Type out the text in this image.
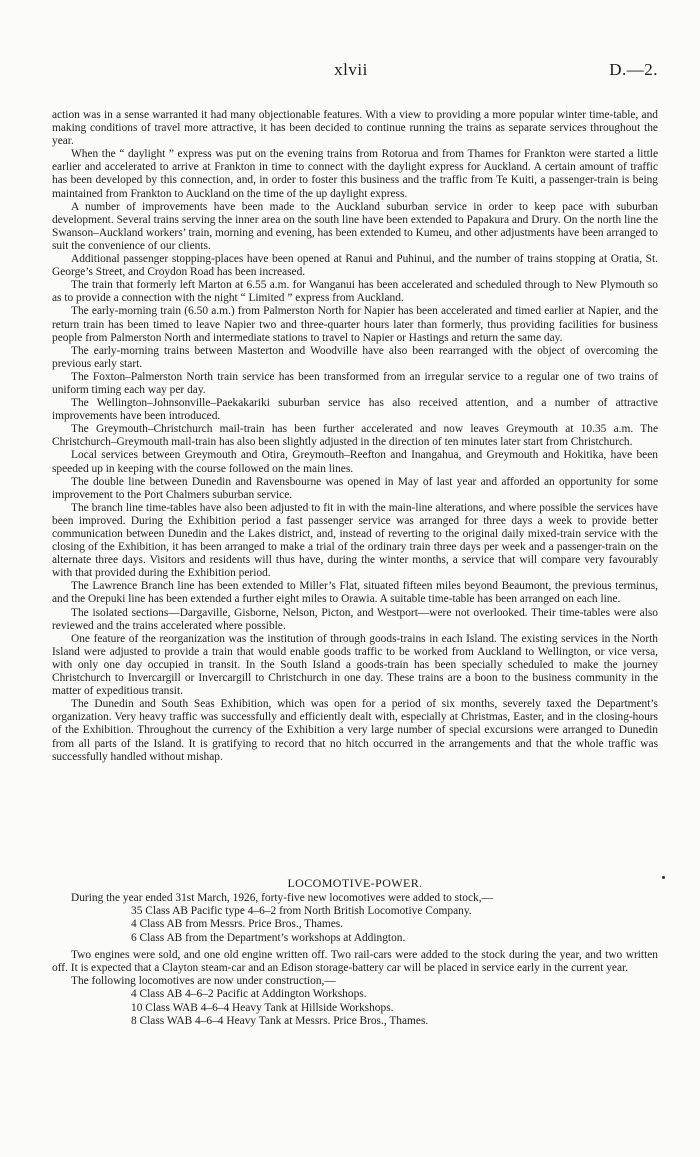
xlvii	D.—2.

action was in a sense warranted it had many objectionable features. With a view to providing a more popular winter time-table, and making conditions of travel more attractive, it has been decided to continue running the trains as separate services throughout the year.

When the “ daylight ” express was put on the evening trains from Rotorua and from Thames for Frankton were started a little earlier and accelerated to arrive at Frankton in time to connect with the daylight express for Auckland. A certain amount of traffic has been developed by this connection, and, in order to foster this business and the traffic from Te Kuiti, a passenger-train is being maintained from Frankton to Auckland on the time of the up daylight express.

A number of improvements have been made to the Auckland suburban service in order to keep pace with suburban development. Several trains serving the inner area on the south line have been extended to Papakura and Drury. On the north line the Swanson–Auckland workers’ train, morning and evening, has been extended to Kumeu, and other adjustments have been arranged to suit the convenience of our clients.

Additional passenger stopping-places have been opened at Ranui and Puhinui, and the number of trains stopping at Oratia, St. George’s Street, and Croydon Road has been increased.

The train that formerly left Marton at 6.55 a.m. for Wanganui has been accelerated and scheduled through to New Plymouth so as to provide a connection with the night “ Limited ” express from Auckland.

The early-morning train (6.50 a.m.) from Palmerston North for Napier has been accelerated and timed earlier at Napier, and the return train has been timed to leave Napier two and three-quarter hours later than formerly, thus providing facilities for business people from Palmerston North and intermediate stations to travel to Napier or Hastings and return the same day.

The early-morning trains between Masterton and Woodville have also been rearranged with the object of overcoming the previous early start.

The Foxton–Palmerston North train service has been transformed from an irregular service to a regular one of two trains of uniform timing each way per day.

The Wellington–Johnsonville–Paekakariki suburban service has also received attention, and a number of attractive improvements have been introduced.

The Greymouth–Christchurch mail-train has been further accelerated and now leaves Greymouth at 10.35 a.m. The Christchurch–Greymouth mail-train has also been slightly adjusted in the direction of ten minutes later start from Christchurch.

Local services between Greymouth and Otira, Greymouth–Reefton and Inangahua, and Greymouth and Hokitika, have been speeded up in keeping with the course followed on the main lines.

The double line between Dunedin and Ravensbourne was opened in May of last year and afforded an opportunity for some improvement to the Port Chalmers suburban service.

The branch line time-tables have also been adjusted to fit in with the main-line alterations, and where possible the services have been improved. During the Exhibition period a fast passenger service was arranged for three days a week to provide better communication between Dunedin and the Lakes district, and, instead of reverting to the original daily mixed-train service with the closing of the Exhibition, it has been arranged to make a trial of the ordinary train three days per week and a passenger-train on the alternate three days. Visitors and residents will thus have, during the winter months, a service that will compare very favourably with that provided during the Exhibition period.

The Lawrence Branch line has been extended to Miller’s Flat, situated fifteen miles beyond Beaumont, the previous terminus, and the Orepuki line has been extended a further eight miles to Orawia. A suitable time-table has been arranged on each line.

The isolated sections—Dargaville, Gisborne, Nelson, Picton, and Westport—were not overlooked. Their time-tables were also reviewed and the trains accelerated where possible.

One feature of the reorganization was the institution of through goods-trains in each Island. The existing services in the North Island were adjusted to provide a train that would enable goods traffic to be worked from Auckland to Wellington, or vice versa, with only one day occupied in transit. In the South Island a goods-train has been specially scheduled to make the journey Christchurch to Invercargill or Invercargill to Christchurch in one day. These trains are a boon to the business community in the matter of expeditious transit.

The Dunedin and South Seas Exhibition, which was open for a period of six months, severely taxed the Department’s organization. Very heavy traffic was successfully and efficiently dealt with, especially at Christmas, Easter, and in the closing-hours of the Exhibition. Throughout the currency of the Exhibition a very large number of special excursions were arranged to Dunedin from all parts of the Island. It is gratifying to record that no hitch occurred in the arrangements and that the whole traffic was successfully handled without mishap.

LOCOMOTIVE-POWER.

During the year ended 31st March, 1926, forty-five new locomotives were added to stock,—

35 Class AB Pacific type 4–6–2 from North British Locomotive Company.

4 Class AB from Messrs. Price Bros., Thames.

6 Class AB from the Department’s workshops at Addington.

Two engines were sold, and one old engine written off. Two rail-cars were added to the stock during the year, and two written off. It is expected that a Clayton steam-car and an Edison storage-battery car will be placed in service early in the current year.

The following locomotives are now under construction,—

4 Class AB 4–6–2 Pacific at Addington Workshops.

10 Class WAB 4–6–4 Heavy Tank at Hillside Workshops.

8 Class WAB 4–6–4 Heavy Tank at Messrs. Price Bros., Thames.
